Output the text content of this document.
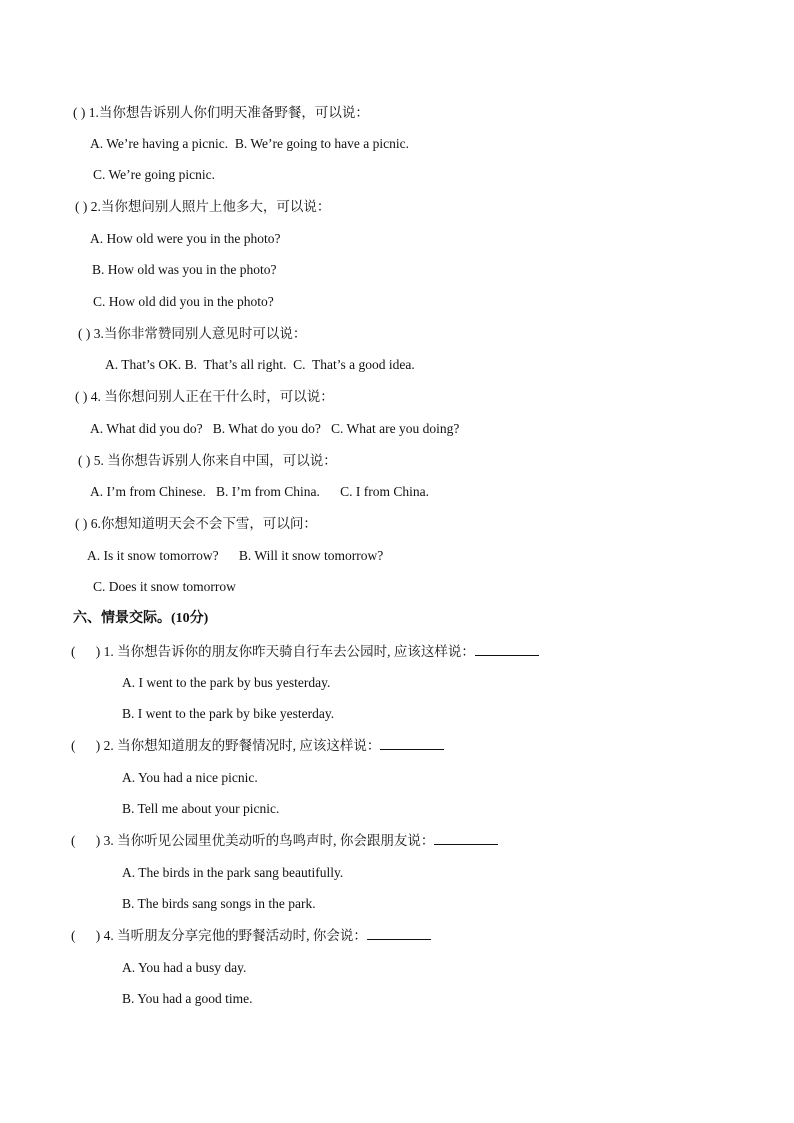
( ) 1.当你想告诉别人你们明天准备野餐，可以说：
A. We’re having a picnic.  B. We’re going to have a picnic.
C. We’re going picnic.
( ) 2.当你想问别人照片上他多大，可以说：
A. How old were you in the photo?
B. How old was you in the photo?
C. How old did you in the photo?
( ) 3.当你非常赞同别人意见时可以说：
A. That’s OK. B.  That’s all right.  C.  That’s a good idea.
( ) 4. 当你想问别人正在干什么时，可以说：
A. What did you do?   B. What do you do?   C. What are you doing?
( ) 5. 当你想告诉别人你来自中国，可以说：
A. I’m from Chinese.   B. I’m from China.      C. I from China.
( ) 6.你想知道明天会不会下雪，可以问：
A. Is it snow tomorrow?      B. Will it snow tomorrow?
C. Does it snow tomorrow
六、情景交际。(10分)
(      ) 1. 当你想告诉你的朋友你昨天骑自行车去公园时, 应该这样说：
A. I went to the park by bus yesterday.
B. I went to the park by bike yesterday.
(      ) 2. 当你想知道朋友的野餐情况时, 应该这样说：
A. You had a nice picnic.
B. Tell me about your picnic.
(      ) 3. 当你听见公园里优美动听的鸟鸣声时, 你会跟朋友说：
A. The birds in the park sang beautifully.
B. The birds sang songs in the park.
(      ) 4. 当听朋友分享完他的野餐活动时, 你会说：
A. You had a busy day.
B. You had a good time.
